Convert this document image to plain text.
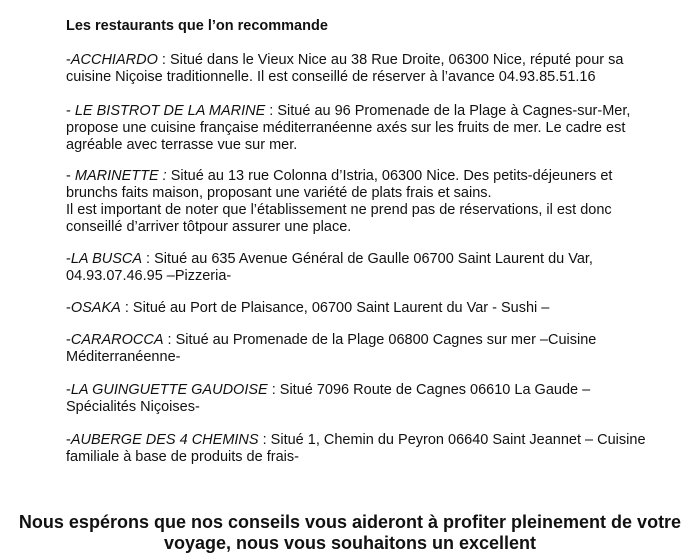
Les restaurants que l’on recommande

-ACCHIARDO : Situé dans le Vieux Nice au 38 Rue Droite, 06300 Nice, réputé pour sa cuisine Niçoise traditionnelle. Il est conseillé de réserver à l’avance 04.93.85.51.16

- LE BISTROT DE LA MARINE : Situé au 96 Promenade de la Plage à Cagnes-sur-Mer, propose une cuisine française méditerranéenne axés sur les fruits de mer. Le cadre est agréable avec terrasse vue sur mer.

- MARINETTE : Situé au 13 rue Colonna d’Istria, 06300 Nice. Des petits-déjeuners et brunchs faits maison, proposant une variété de plats frais et sains.

Il est important de noter que l’établissement ne prend pas de réservations, il est donc conseillé d’arriver tôtpour assurer une place.

-LA BUSCA : Situé au 635 Avenue Général de Gaulle 06700 Saint Laurent du Var, 04.93.07.46.95 –Pizzeria-

-OSAKA : Situé au Port de Plaisance, 06700 Saint Laurent du Var - Sushi –

-CARAROCCA : Situé au Promenade de la Plage 06800 Cagnes sur mer –Cuisine Méditerranéenne-

-LA GUINGUETTE GAUDOISE : Situé 7096 Route de Cagnes 06610 La Gaude – Spécialités Niçoises-

-AUBERGE DES 4 CHEMINS : Situé 1, Chemin du Peyron 06640 Saint Jeannet – Cuisine familiale à base de produits de frais-

Nous espérons que nos conseils vous aideront à profiter pleinement de votre voyage, nous vous souhaitons un excellent
